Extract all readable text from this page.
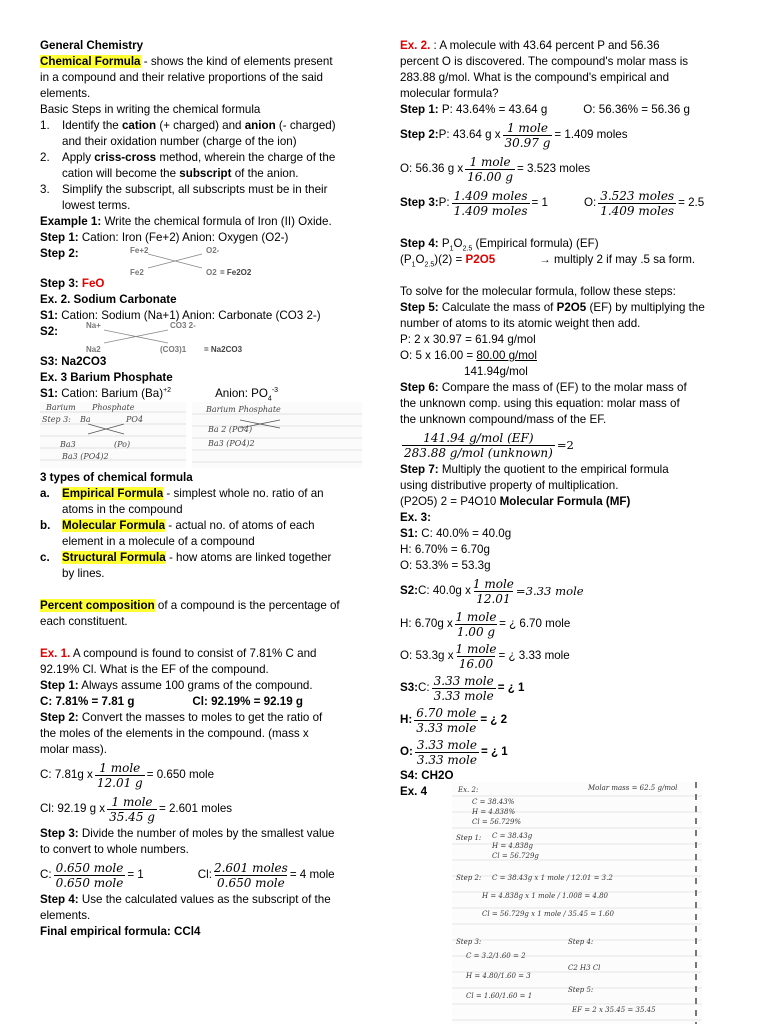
General Chemistry
Chemical Formula - shows the kind of elements present
in a compound and their relative proportions of the said
elements.
Basic Steps in writing the chemical formula
1. Identify the cation (+ charged) and anion (- charged)
and their oxidation number (charge of the ion)
2. Apply criss-cross method, wherein the charge of the
cation will become the subscript of the anion.
3. Simplify the subscript, all subscripts must be in their
lowest terms.
Example 1: Write the chemical formula of Iron (II) Oxide.
Step 1: Cation: Iron (Fe+2) Anion: Oxygen (O2-)
Step 2:	Fe+2	O2-
Fe2	O2 = Fe2O2
Step 3: FeO
Ex. 2. Sodium Carbonate
S1: Cation: Sodium (Na+1) Anion: Carbonate (CO3 2-)
S2:	Na+	CO3 2-
Na2	(CO3)1 = Na2CO3
S3: Na2CO3
Ex. 3 Barium Phosphate
S1: Cation: Barium $(Ba)^{+2}$	Anion: $PO_4^{-3}$
Barium Phosphate
Step 3: Ba	PO4
Ba3	(Po)
Ba3 (PO4)2
Barium Phosphate
Ba 2 (PO4)
Ba3 (PO4)2
3 types of chemical formula
a. Empirical Formula - simplest whole no. ratio of an
atoms in the compound
b. Molecular Formula - actual no. of atoms of each
element in a molecule of a compound
c. Structural Formula - how atoms are linked together
by lines.
Percent composition of a compound is the percentage of
each constituent.
Ex. 1. A compound is found to consist of 7.81% C and
92.19% Cl. What is the EF of the compound.
Step 1: Always assume 100 grams of the compound.
C: 7.81% = 7.81 g	Cl: 92.19% = 92.19 g
Step 2: Convert the masses to moles to get the ratio of
the moles of the elements in the compound. (mass x
molar mass).
C: 7.81g x $\frac{\text{1 mole}}{12.01 g} = 0.650$ mole
Cl: 92.19 g x $\frac{\text{1 mole}}{35.45 g} = 2.601$ moles
Step 3: Divide the number of moles by the smallest value
to convert to whole numbers.
C: $\frac{\text{0.650 mole}}{\text{0.650 mole}} = 1$	Cl: $\frac{\text{2.601 moles}}{\text{0.650 mole}} = 4$ mole
Step 4: Use the calculated values as the subscript of the
elements.
Final empirical formula: CCl4
Ex. 2. : A molecule with 43.64 percent P and 56.36
percent O is discovered. The compound's molar mass is
283.88 g/mol. What is the compound's empirical and
molecular formula?
Step 1: P: 43.64% = 43.64 g	O: 56.36% = 56.36 g
Step 2: P: 43.64 g x $\frac{\text{1 mole}}{30.97 g} = 1.409$ moles
O: 56.36 g x $\frac{\text{1 mole}}{16.00 g} = 3.523$ moles
Step 3: P: $\frac{\text{1.409 moles}}{\text{1.409 moles}} = 1$	O: $\frac{\text{3.523 moles}}{\text{1.409 moles}} = 2.5$
Step 4: $P_1O_{2.5}$ (Empirical formula) (EF)
$(P_1O_{2.5})(2) = P2O5$	→ multiply 2 if may .5 sa form.
To solve for the molecular formula, follow these steps:
Step 5: Calculate the mass of P2O5 (EF) by multiplying the
number of atoms to its atomic weight then add.
P: 2 x 30.97 = 61.94 g/mol
O: 5 x 16.00 = 80.00 g/mol
141.94g/mol
Step 6: Compare the mass of (EF) to the molar mass of
the unknown comp. using this equation: molar mass of
the unknown compound/mass of the EF.
$\frac{\text{141.94 g/mol (EF)}}{\text{283.88 g/mol (unknown)}} =2$
Step 7: Multiply the quotient to the empirical formula
using distributive property of multiplication.
(P2O5) 2 = P4O10 Molecular Formula (MF)
Ex. 3:
S1: C: 40.0% = 40.0g
H: 6.70% = 6.70g
O: 53.3% = 53.3g
S2: C: 40.0g x $\frac{\text{1 mole}}{12.01} =3.33$ mole
H: 6.70g x $\frac{\text{1 mole}}{1.00 g}$ = ¿ 6.70 mole
O: 53.3g x $\frac{\text{1 mole}}{16.00}$ = ¿ 3.33 mole
S3: C: $\frac{\text{3.33 mole}}{\text{3.33 mole}}$ = ¿ 1
H: $\frac{\text{6.70 mole}}{\text{3.33 mole}}$ = ¿ 2
O: $\frac{\text{3.33 mole}}{\text{3.33 mole}}$ = ¿ 1
S4: CH2O
Ex. 4	Ex. 2:	Molar mass = 62.5 g/mol
C = 38.43%
H = 4.838%
Cl = 56.729%
Step 1: C = 38.43g
H = 4.838g
Cl = 56.729g
Step 2: C = 38.43g x 1 mole / 12.01 = 3.2
H = 4.838g x 1 mole / 1.008 = 4.80
Cl = 56.729g x 1 mole / 35.45 = 1.60
Step 3:
C = 3.2/1.60 = 2
H = 4.80/1.60 = 3
Cl = 1.60/1.60 = 1
Step 4:
C2 H3 Cl
Step 5:
EF = 2 x 35.45 = 35.45
